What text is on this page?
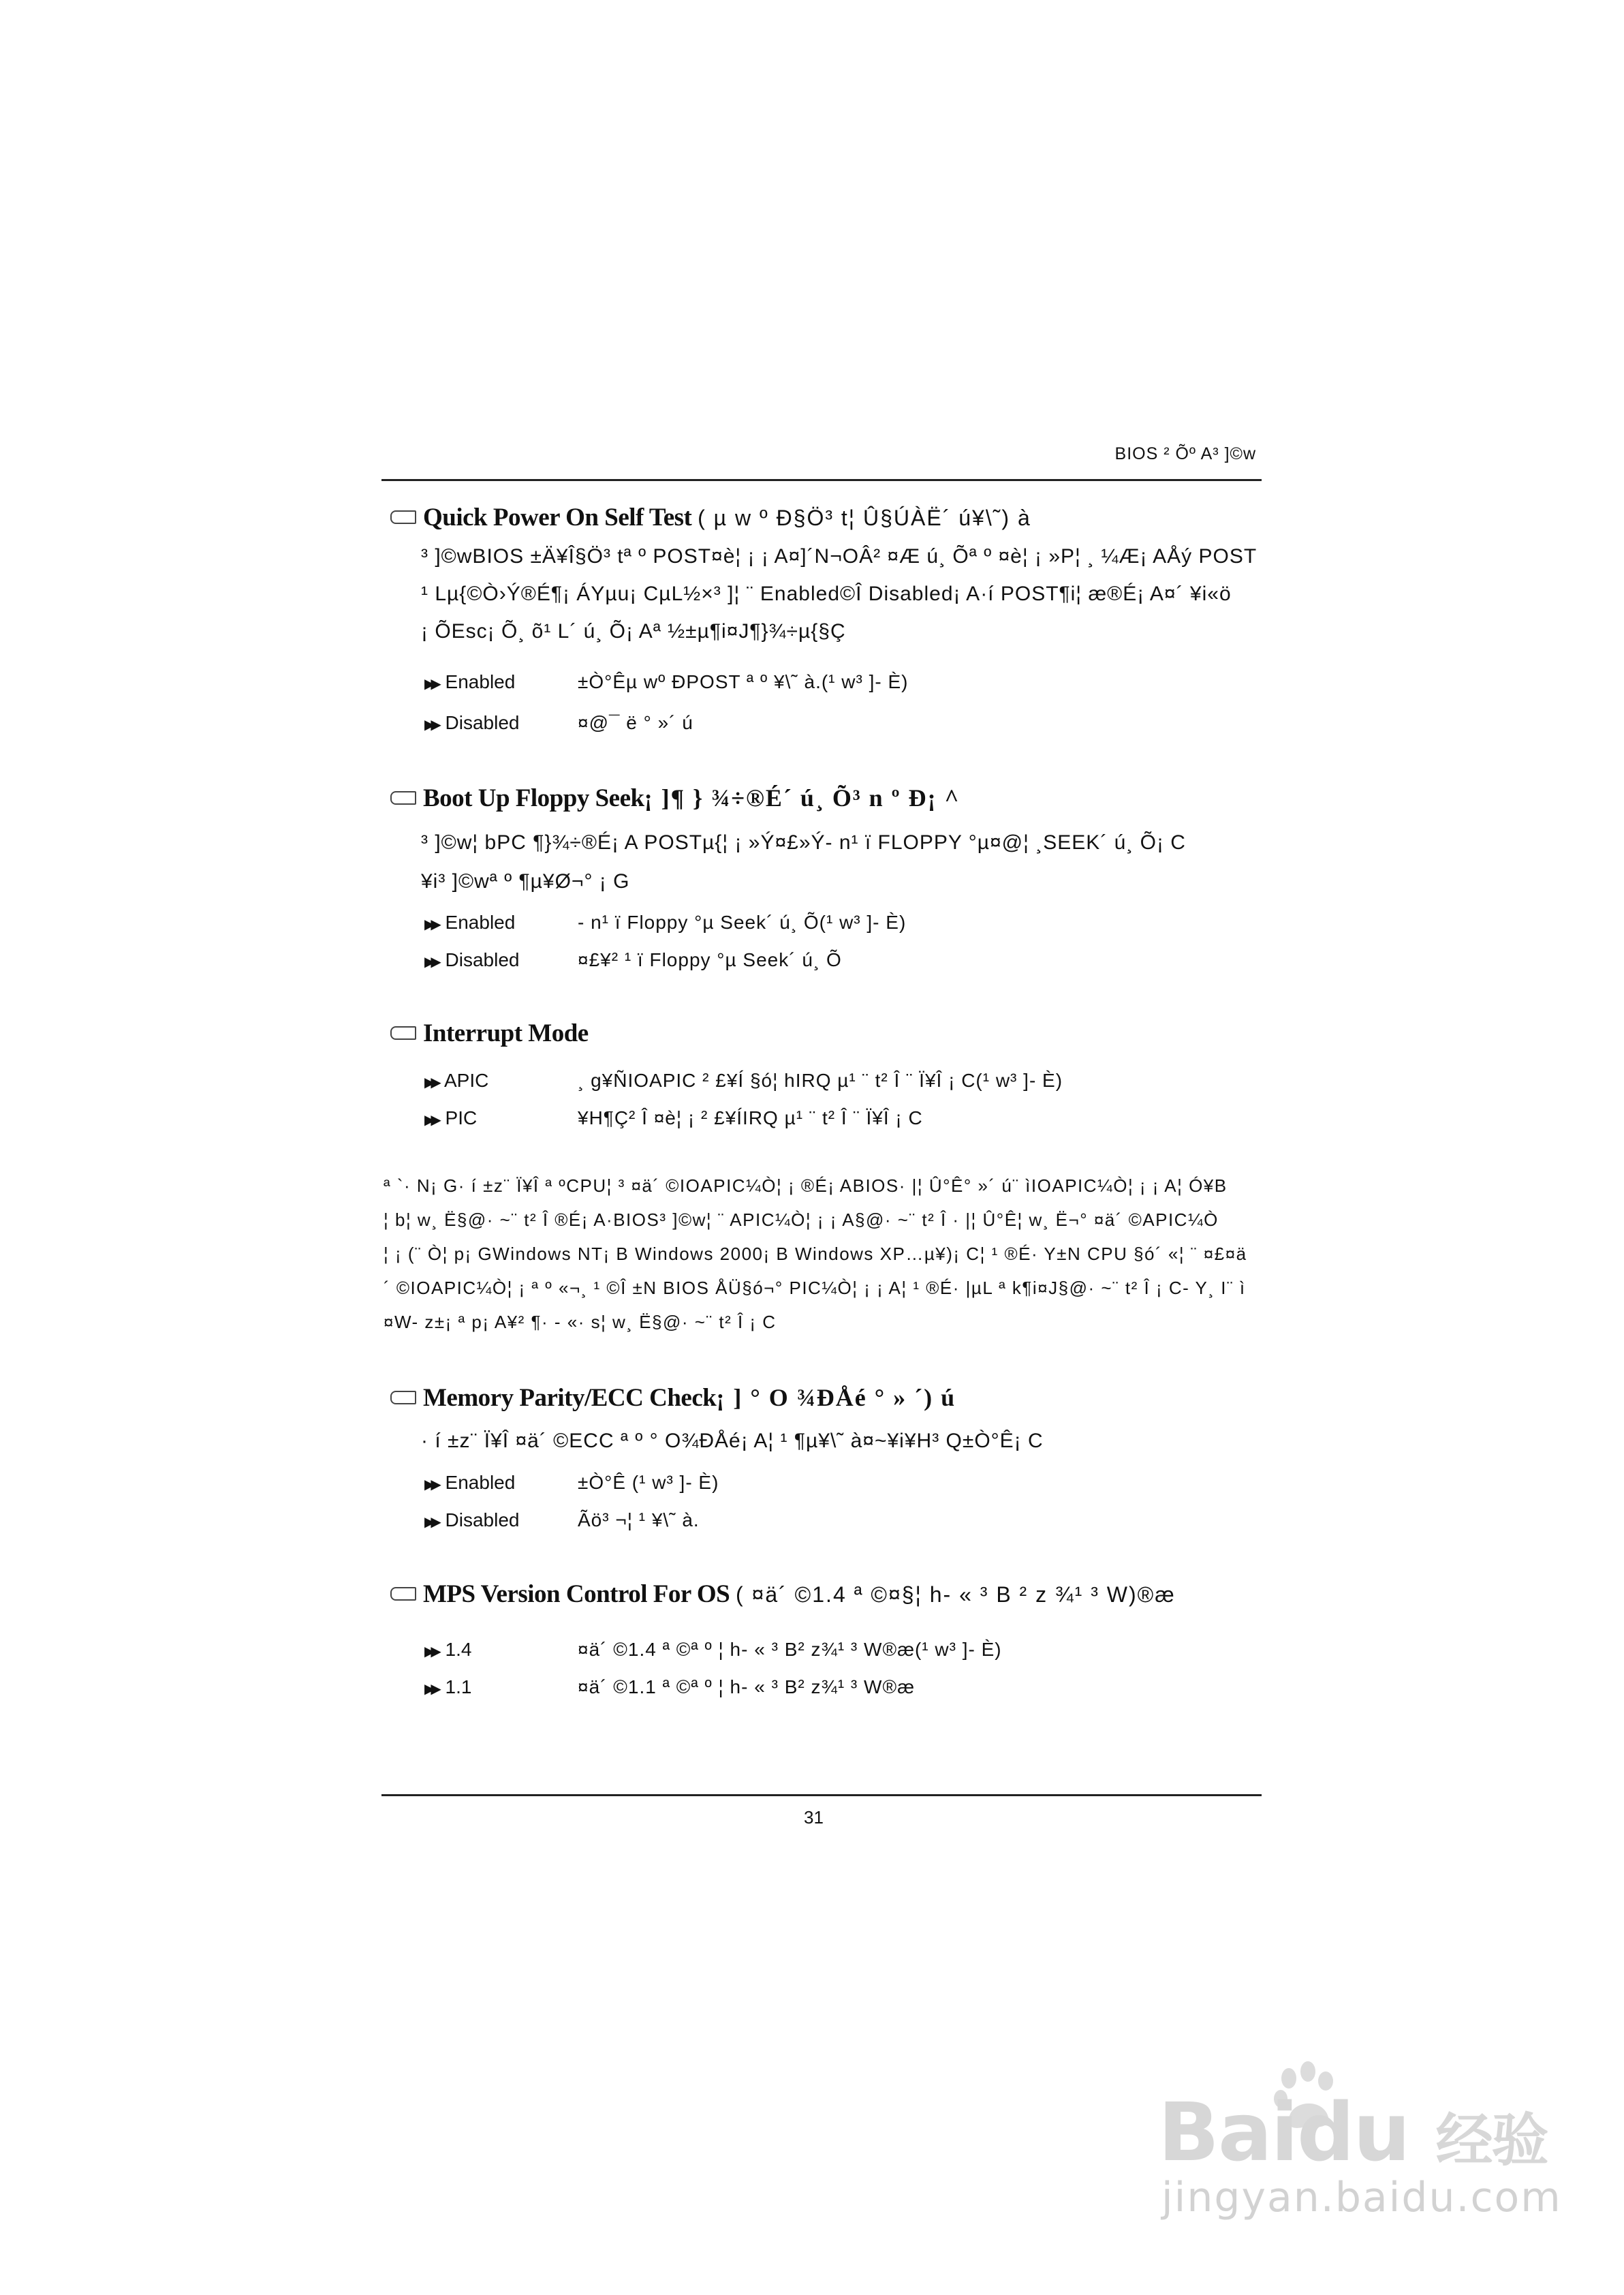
BIOS ² Õº A³ ]©w
Quick Power On Self Test ( µ w º Ð§Ö³ t¦ Û§ÚÀË´ ú¥\˜) à
³ ]©wBIOS ±Ä¥Î§Ö³ tª º POST¤è¦ ¡ ¡ A¤]´N¬OÂ² ¤Æ ú¸ Õª º ¤è¦ ¡ »P¦ ¸ ¼Æ¡ AÅý POST
¹ Lµ{©Ò›Ý®É¶¡ ÁYµu¡ CµL½×³ ]¦ ¨ Enabled©Î Disabled¡ A·í POST¶i¦ æ®É¡ A¤´ ¥i«ö
¡ ÕEsc¡ Õ¸ õ¹ L´ ú¸ Õ¡ Aª ½±µ¶i¤J¶}¾÷µ{§Ç
▶▶ Enabled	±Ò°Êµ wº ÐPOST ª º ¥\˜ à.(¹ w³ ]- È)
▶▶ Disabled	¤@¯ ë ° »´ ú
Boot Up Floppy Seek¡ ]¶ } ¾÷®É´ ú¸ Õ³ n º Ð¡ ^
³ ]©w¦ bPC ¶}¾÷®É¡ A POSTµ{¦ ¡ »Ý¤£»Ý- n¹ ï FLOPPY °µ¤@¦ ¸SEEK´ ú¸ Õ¡ C
¥i³ ]©wª º ¶µ¥Ø¬° ¡ G
▶▶ Enabled	- n¹ ï Floppy °µ Seek´ ú¸ Õ(¹ w³ ]- È)
▶▶ Disabled	¤£¥² ¹ ï Floppy °µ Seek´ ú¸ Õ
Interrupt Mode
▶▶ APIC	¸ g¥ÑIOAPIC ² £¥Í §ó¦ hIRQ µ¹ ¨ t² Î ¨ Ï¥Î ¡ C(¹ w³ ]- È)
▶▶ PIC	¥H¶Ç² Î ¤è¦ ¡ ² £¥ÍIRQ µ¹ ¨ t² Î ¨ Ï¥Î ¡ C
ª `· N¡ G· í ±z¨ Ï¥Î ª ºCPU¦ ³ ¤ä´ ©IOAPIC¼Ò¦ ¡ ®É¡ ABIOS· |¦ Û°Ê° »´ ú¨ ìIOAPIC¼Ò¦ ¡ ¡ A¦ Ó¥B
¦ b¦ w¸ Ë§@· ~¨ t² Î ®É¡ A·BIOS³ ]©w¦ ¨ APIC¼Ò¦ ¡ ¡ A§@· ~¨ t² Î · |¦ Û°Ê¦ w¸ Ë¬° ¤ä´ ©APIC¼Ò
¦ ¡ (¨ Ò¦ p¡ GWindows NT¡ B Windows 2000¡ B Windows XP…µ¥)¡ C¦ ¹ ®É· Y±N CPU §ó´ «¦ ¨ ¤£¤ä
´ ©IOAPIC¼Ò¦ ¡ ª º «¬¸ ¹ ©Î ±N BIOS ÅÜ§ó¬° PIC¼Ò¦ ¡ ¡ A¦ ¹ ®É· |µL ª k¶i¤J§@· ~¨ t² Î ¡ C- Y¸ I¨ ì
¤W- z±¡ ª p¡ A¥² ¶· - «· s¦ w¸ Ë§@· ~¨ t² Î ¡ C
Memory Parity/ECC Check¡ ] ° O ¾ÐÅé ° » ´) ú
· í ±z¨ Ï¥Î ¤ä´ ©ECC ª º ° O¾ÐÅé¡ A¦ ¹ ¶µ¥\˜ à¤~¥i¥H³ Q±Ò°Ê¡ C
▶▶ Enabled	±Ò°Ê (¹ w³ ]- È)
▶▶ Disabled	Ãö³ ¬¦ ¹ ¥\˜ à.
MPS Version Control For OS ( ¤ä´ ©1.4 ª ©¤§¦ h- « ³ B ² z ¾¹ ³ W)®æ
▶▶ 1.4	¤ä´ ©1.4 ª ©ª º ¦ h- « ³ B² z¾¹ ³ W®æ(¹ w³ ]- È)
▶▶ 1.1	¤ä´ ©1.1 ª ©ª º ¦ h- « ³ B² z¾¹ ³ W®æ
31
Baidu 经验
jingyan.baidu.com
